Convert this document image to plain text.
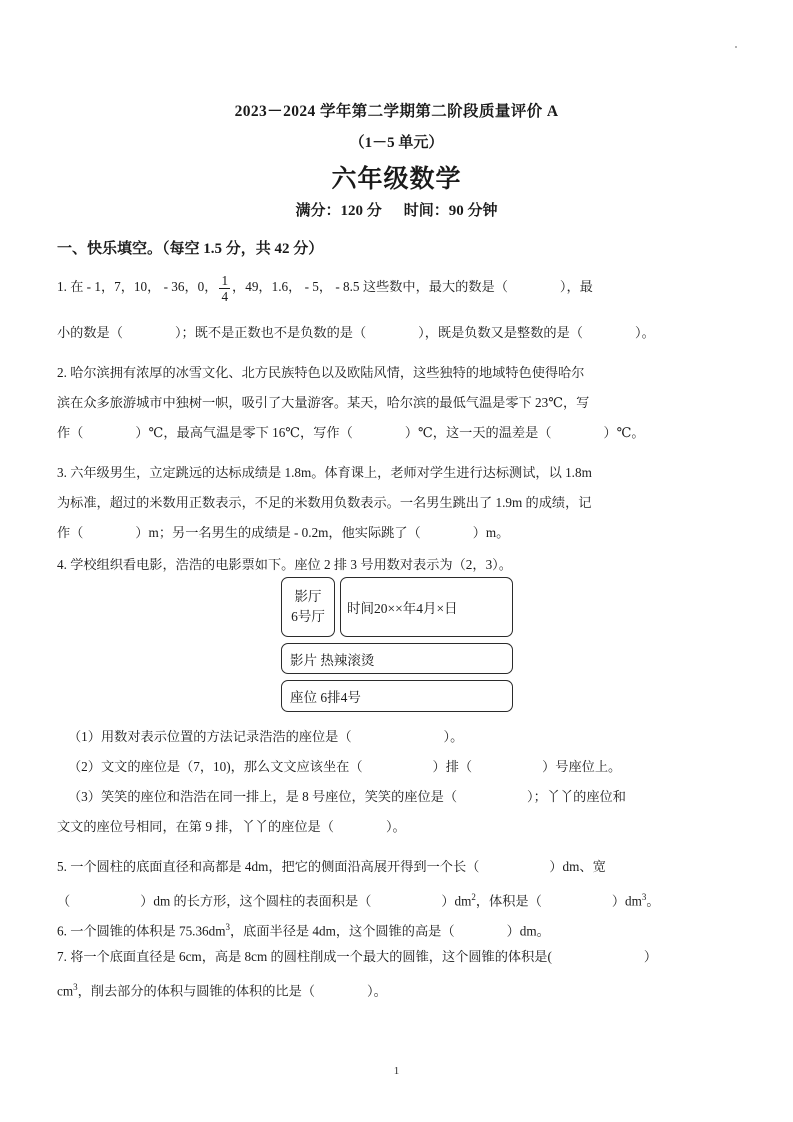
2023－2024 学年第二学期第二阶段质量评价 A
（1－5 单元）
六年级数学
满分：120 分 时间：90 分钟
一、快乐填空。（每空 1.5 分，共 42 分）
1. 在 - 1，7，10， - 36，0， $\frac{1}{4}$ ，49，1.6， - 5， - 8.5 这些数中，最大的数是（	），最
小的数是（	）；既不是正数也不是负数的是（	），既是负数又是整数的是（	）。
2. 哈尔滨拥有浓厚的冰雪文化、北方民族特色以及欧陆风情，这些独特的地域特色使得哈尔
滨在众多旅游城市中独树一帜，吸引了大量游客。某天，哈尔滨的最低气温是零下 23℃，写
作（	）℃，最高气温是零下 16℃，写作（	）℃，这一天的温差是（	）℃。
3. 六年级男生，立定跳远的达标成绩是 1.8m。体育课上，老师对学生进行达标测试，以 1.8m
为标准，超过的米数用正数表示，不足的米数用负数表示。一名男生跳出了 1.9m 的成绩，记
作（	）m；另一名男生的成绩是 - 0.2m，他实际跳了（	）m。
4. 学校组织看电影，浩浩的电影票如下。座位 2 排 3 号用数对表示为（2，3）。
影厅
6号厅
时间20××年4月×日
影片 热辣滚烫
座位 6排4号
（1）用数对表示位置的方法记录浩浩的座位是（	）。
（2）文文的座位是（7，10)，那么文文应该坐在（	）排（	）号座位上。
（3）笑笑的座位和浩浩在同一排上，是 8 号座位，笑笑的座位是（	）；丫丫的座位和
文文的座位号相同，在第 9 排，丫丫的座位是（	）。
5. 一个圆柱的底面直径和高都是 4dm，把它的侧面沿高展开得到一个长（	）dm、宽
（	）dm 的长方形，这个圆柱的表面积是（	）$dm^2$，体积是（	）$dm^3$。
6. 一个圆锥的体积是 $75.36dm^3$，底面半径是 4dm，这个圆锥的高是（	）dm。
7. 将一个底面直径是 6cm，高是 8cm 的圆柱削成一个最大的圆锥，这个圆锥的体积是(	）
$cm^3$，削去部分的体积与圆锥的体积的比是（	）。
1
